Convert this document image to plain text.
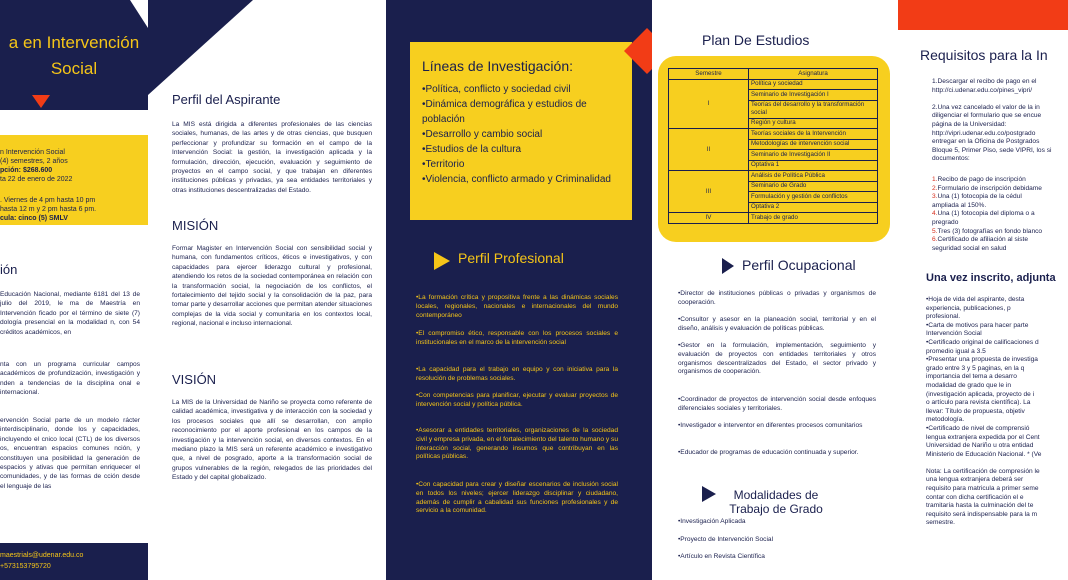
a en Intervención
Social
n Intervención Social
(4) semestres, 2 años
pción: $268.600
ta 22 de enero de 2022
. Viernes de 4 pm hasta 10 pm
hasta 12 m y 2 pm hasta 6 pm.
cula: cinco (5) SMLV
ión
Educación Nacional, mediante 6181 del 13 de julio del 2019, le ma de Maestría en Intervención ficado por el término de siete (7) dología presencial en la modalidad n, con 54 créditos académicos, en
nta con un programa curricular campos académicos de profundización, investigación y nden a tendencias de la disciplina onal e internacional.
ervención Social parte de un modelo rácter interdisciplinario, donde los y capacidades, incluyendo el cnico local (CTL) de los diversos os, encuentran espacios comunes nción, y constituyen una posibilidad la generación de espacios y ativas que permitan enriquecer el comunidades, y de las formas de cción desde el lenguaje de las
maestrials@udenar.edu.co
+573153795720
Perfil del Aspirante
La MIS está dirigida a diferentes profesionales de las ciencias sociales, humanas, de las artes y de otras ciencias, que busquen perfeccionar y profundizar su formación en el campo de la Intervención Social: la gestión, la investigación aplicada y la formulación, dirección, ejecución, evaluación y seguimiento de proyectos en el campo social, y que trabajan en diferentes instituciones públicas y privadas, ya sea entidades territoriales y otras instituciones descentralizadas del Estado.
MISIÓN
Formar Magister en Intervención Social con sensibilidad social y humana, con fundamentos críticos, éticos e investigativos, y con capacidades para ejercer liderazgo cultural y profesional, atendiendo los retos de la sociedad contemporánea en relación con la transformación social, la negociación de los conflictos, el fortalecimiento del tejido social y la consolidación de la paz, para tomar parte y desarrollar acciones que permitan atender situaciones complejas de la vida social y comunitaria en los contextos local, regional, nacional e incluso internacional.
VISIÓN
La MIS de la Universidad de Nariño se proyecta como referente de calidad académica, investigativa y de interacción con la sociedad y los procesos sociales que allí se desarrollan, con amplio reconocimiento por el aporte profesional en los campos de la investigación y la intervención social, en diversos contextos. En el mediano plazo la MIS será un referente académico e investigativo que, a nivel de posgrado, aporte a la transformación social de grupos vulnerables de la región, relegados de las prioridades del Estado y del capital globalizado.
Líneas de Investigación:
•Política, conflicto y sociedad civil
•Dinámica demográfica y estudios de población
•Desarrollo y cambio social
•Estudios de la cultura
•Territorio
•Violencia, conflicto armado y Criminalidad
Perfil Profesional
•La formación crítica y propositiva frente a las dinámicas sociales locales, regionales, nacionales e internacionales del mundo contemporáneo
•El compromiso ético, responsable con los procesos sociales e institucionales en el marco de la intervención social
•La capacidad para el trabajo en equipo y con iniciativa para la resolución de problemas sociales.
•Con competencias para planificar, ejecutar y evaluar proyectos de intervención social y política pública.
•Asesorar a entidades territoriales, organizaciones de la sociedad civil y empresa privada, en el fortalecimiento del talento humano y su interacción social, generando insumos que contribuyan en las políticas públicas.
•Con capacidad para crear y diseñar escenarios de inclusión social en todos los niveles; ejercer liderazgo disciplinar y ciudadano, además de cumplir a cabalidad sus funciones profesionales y de servicio a la comunidad.
Plan De Estudios
Semestre	Asignatura
I	Política y sociedad
	Seminario de Investigación I
	Teorías del desarrollo y la transformación social
	Región y cultura
II	Teorías sociales de la Intervención
	Metodologías de intervención social
	Seminario de Investigación II
	Optativa 1
III	Análisis de Política Pública
	Seminario de Grado
	Formulación y gestión de conflictos
	Optativa 2
IV	Trabajo de grado
Perfil Ocupacional
•Director de instituciones públicas o privadas y organismos de cooperación.
•Consultor y asesor en la planeación social, territorial y en el diseño, análisis y evaluación de políticas públicas.
•Gestor en la formulación, implementación, seguimiento y evaluación de proyectos con entidades territoriales y otros organismos descentralizados del Estado, el sector privado y organismos de cooperación.
•Coordinador de proyectos de intervención social desde enfoques diferenciales sociales y territoriales.
•Investigador e interventor en diferentes procesos comunitarios
•Educador de programas de educación continuada y superior.
Modalidades de Trabajo de Grado
•Investigación Aplicada
•Proyecto de Intervención Social
•Artículo en Revista Científica
Requisitos para la In
1.Descargar el recibo de pago en el
http://ci.udenar.edu.co/pines_vipri/

2.Una vez cancelado el valor de la in
diligenciar el formulario que se encue
página de la Universidad:
http://vipri.udenar.edu.co/postgrado
entregar en la Oficina de Postgrados
Bloque 5, Primer Piso, sede VIPRI, los si
documentos:
1.Recibo de pago de inscripción
2.Formulario de inscripción debidame
3.Una (1) fotocopia de la cédul
ampliada al 150%.
4.Una (1) fotocopia del diploma o a
pregrado
5.Tres (3) fotografías en fondo blanco
6.Certificado de afiliación al siste
seguridad social en salud
Una vez inscrito, adjunta
•Hoja de vida del aspirante, desta
experiencia, publicaciones, p
profesional.
•Carta de motivos para hacer parte
Intervención Social
•Certificado original de calificaciones d
promedio igual a 3.5
•Presentar una propuesta de investiga
grado entre 3 y 5 paginas, en la q
importancia del tema a desarro
modalidad de grado que le in
(investigación aplicada, proyecto de i
o artículo para revista científica). La
llevar: Título de propuesta, objetiv
metodología.
•Certificado de nivel de comprensió
lengua extranjera expedida por el Cent
Universidad de Nariño u otra entidad
Ministerio de Educación Nacional. * (Ve

Nota: La certificación de compresión le
una lengua extranjera deberá ser
requisito para matricula a primer seme
contar con dicha certificación el e
tramitaría hasta la culminación del te
requisito será indispensable para la m
semestre.
